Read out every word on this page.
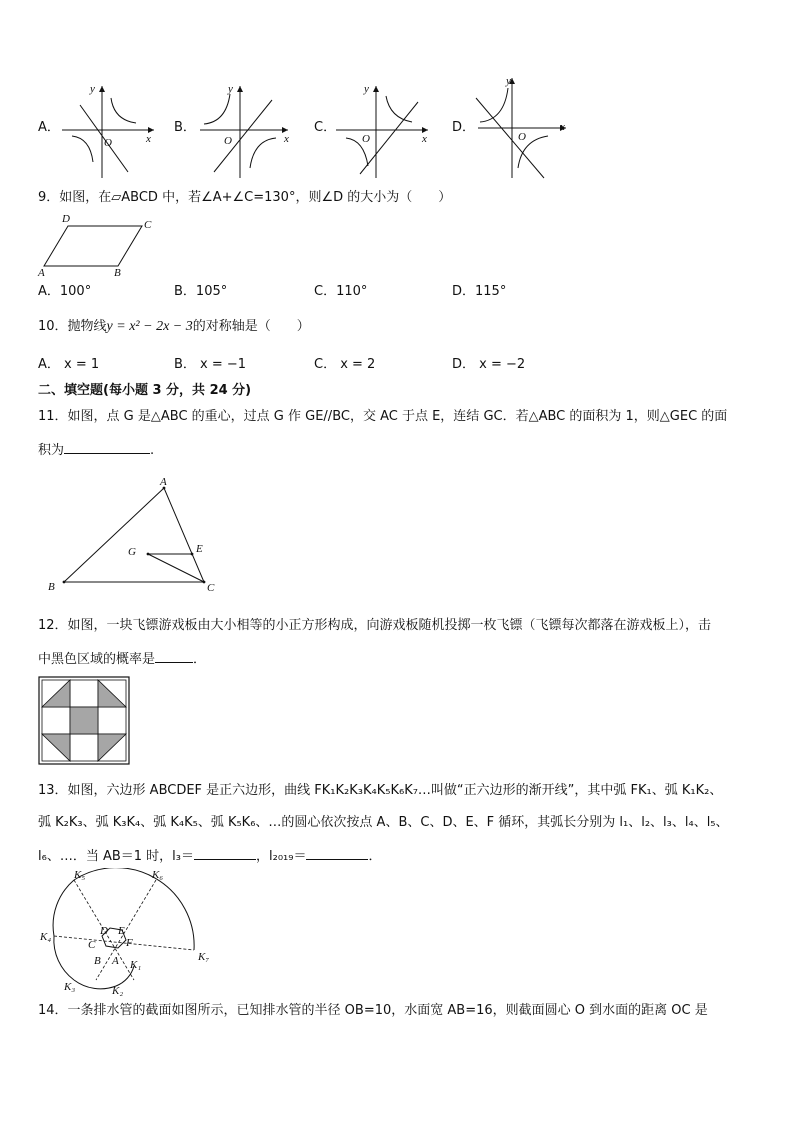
A．
x
y
O
B．
x
y
O
C．
x
y
O
D．	x
y
O
9．如图，在▱ABCD 中，若∠A+∠C=130°，则∠D 的大小为（　　）
A	B
C
D
A．100°	B．105°	C．110°	D．115°
10．抛物线y = x² − 2x − 3的对称轴是（　　）
A． x = 1	B． x = −1	C． x = 2	D． x = −2
二、填空题(每小题 3 分，共 24 分)
11．如图，点 G 是△ABC 的重心，过点 G 作 GE//BC，交 AC 于点 E，连结 GC．若△ABC 的面积为 1，则△GEC 的面
积为	.
A
B	C
E
G
12．如图，一块飞镖游戏板由大小相等的小正方形构成，向游戏板随机投掷一枚飞镖（飞镖每次都落在游戏板上），击
中黑色区域的概率是	．
13．如图，六边形 ABCDEF 是正六边形，曲线 FK₁K₂K₃K₄K₅K₆K₇…叫做“正六边形的渐开线”，其中弧 FK₁、弧 K₁K₂、
弧 K₂K₃、弧 K₃K₄、弧 K₄K₅、弧 K₅K₆、…的圆心依次按点 A、B、C、D、E、F 循环，其弧长分别为 l₁、l₂、l₃、l₄、l₅、
l₆、…．当 AB＝1 时，l₃＝	，l₂₀₁₉＝	．
K₅	K₆
K₄
K₇
K₃	K₂
K₁
D E
F
C
B A
14．一条排水管的截面如图所示，已知排水管的半径 OB=10，水面宽 AB=16，则截面圆心 O 到水面的距离 OC 是
